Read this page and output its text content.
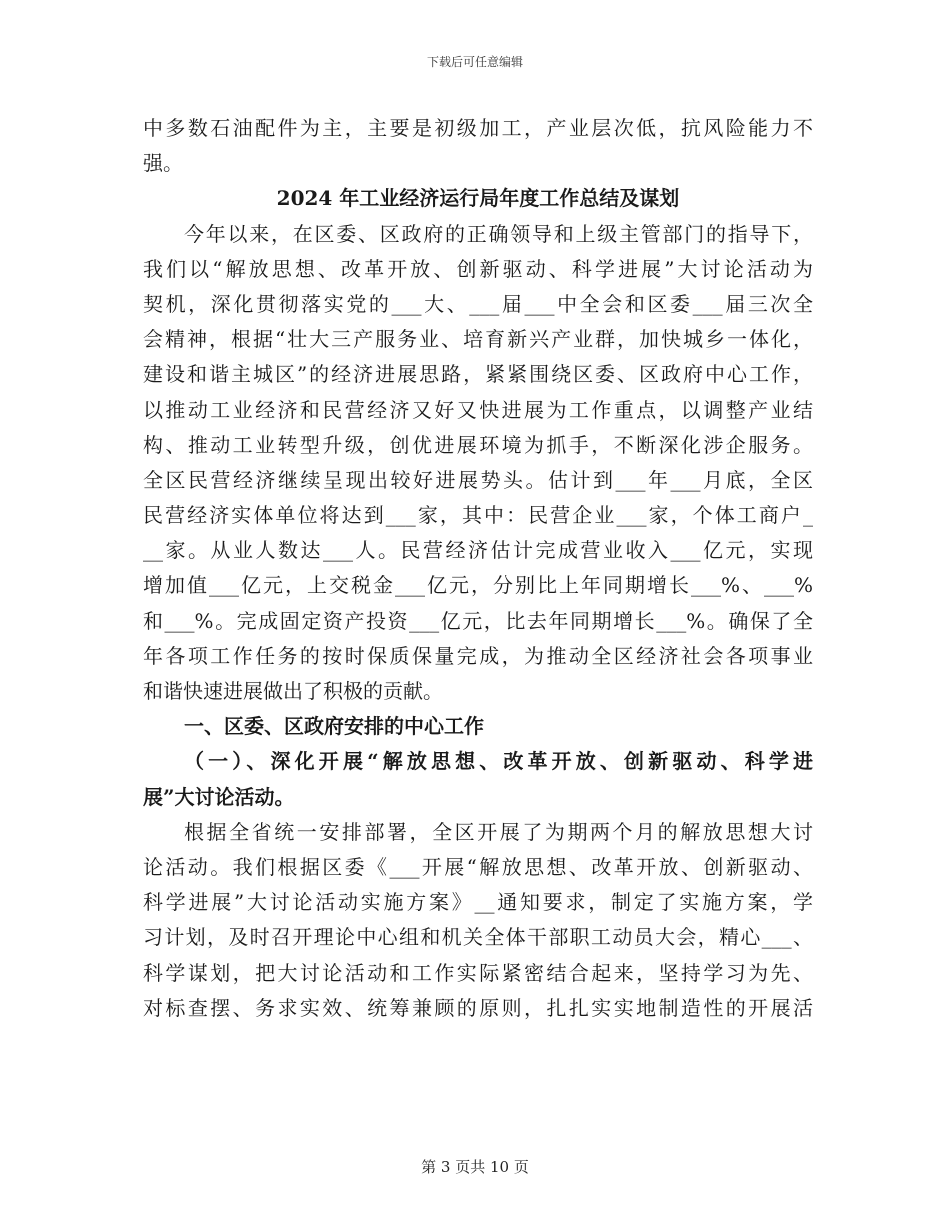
下载后可任意编辑
中多数石油配件为主，主要是初级加工，产业层次低，抗风险能力不
强。
2024 年工业经济运行局年度工作总结及谋划
今年以来，在区委、区政府的正确领导和上级主管部门的指导下，
我们以“解放思想、改革开放、创新驱动、科学进展”大讨论活动为
契机，深化贯彻落实党的___大、___届___中全会和区委___届三次全
会精神，根据“壮大三产服务业、培育新兴产业群，加快城乡一体化，
建设和谐主城区”的经济进展思路，紧紧围绕区委、区政府中心工作，
以推动工业经济和民营经济又好又快进展为工作重点，以调整产业结
构、推动工业转型升级，创优进展环境为抓手，不断深化涉企服务。
全区民营经济继续呈现出较好进展势头。估计到___年___月底，全区
民营经济实体单位将达到___家，其中：民营企业___家，个体工商户_
__家。从业人数达___人。民营经济估计完成营业收入___亿元，实现
增加值___亿元，上交税金___亿元，分别比上年同期增长___%、___%
和___%。完成固定资产投资___亿元，比去年同期增长___%。确保了全
年各项工作任务的按时保质保量完成，为推动全区经济社会各项事业
和谐快速进展做出了积极的贡献。
一、区委、区政府安排的中心工作
（一）、深化开展“解放思想、改革开放、创新驱动、科学进
展”大讨论活动。
根据全省统一安排部署，全区开展了为期两个月的解放思想大讨
论活动。我们根据区委《___开展“解放思想、改革开放、创新驱动、
科学进展”大讨论活动实施方案》__通知要求，制定了实施方案，学
习计划，及时召开理论中心组和机关全体干部职工动员大会，精心___、
科学谋划，把大讨论活动和工作实际紧密结合起来，坚持学习为先、
对标查摆、务求实效、统筹兼顾的原则，扎扎实实地制造性的开展活
第 3 页共 10 页
